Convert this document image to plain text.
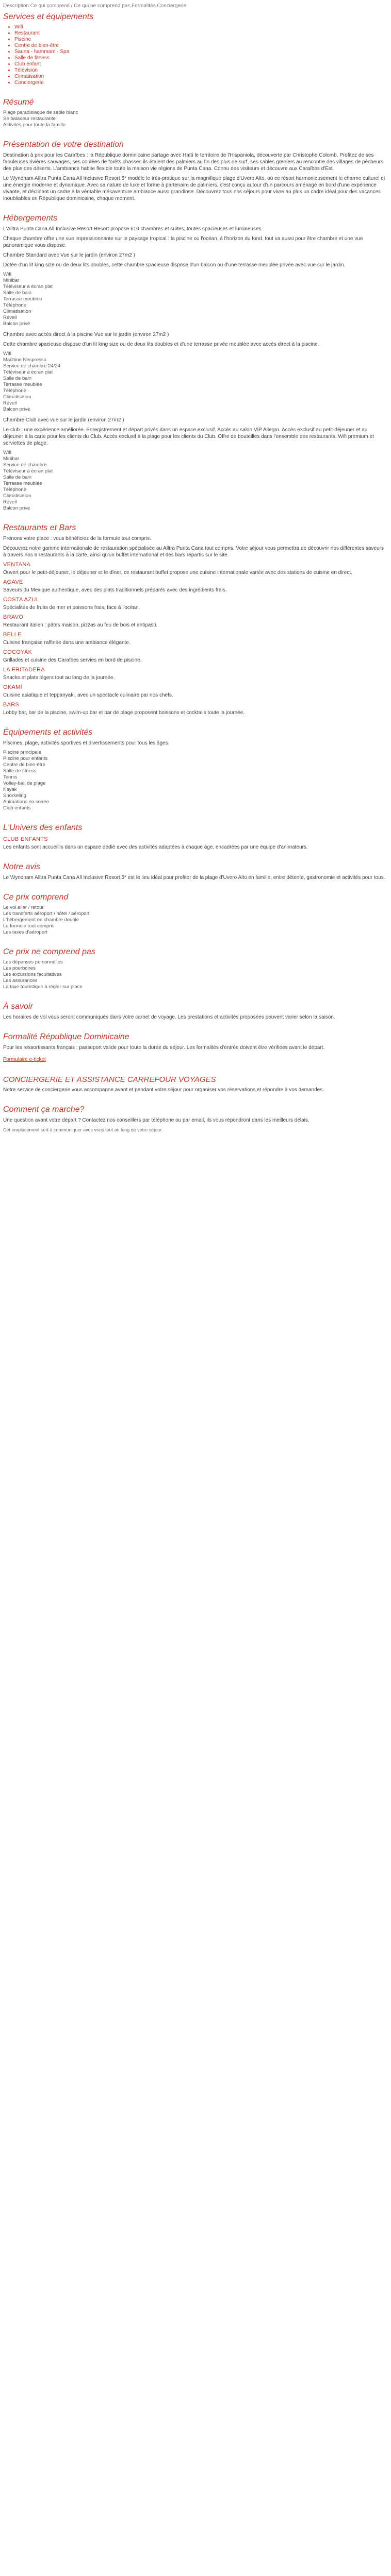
Description Ce qui comprend / Ce qui ne comprend pas Formalités Conciergerie
Services et équipements
• Wifi
• Restaurant
• Piscine
• Centre de bien-être
• Sauna - hammam - Spa
• Salle de fitness
• Club enfant
• Télévision
• Climatisation
• Conciergerie
Résumé
Plage paradisiaque de sable blanc
Se baladeur restaurante
Activités pour toute la famille
Présentation de votre destination

Destination à prix pour les Caraïbes : la République dominicaine partage avec Haïti le territoire de l'Hispaniola, découverte par Christophe Colomb. Profitez de ses fabuleuses rivières sauvages, ses coulées de forêts chasses ils étaient des palmiers au fin des plus de surf, ses sables greniers au rencontre des villages de pêcheurs des plus des déserts. L'ambiance habite flexible toute la maison vie régions de Punta Cana. Connu des visiteurs et découvre aux Caraïbes d'Est.

Le Wyndham Alltra Punta Cana All Inclusive Resort 5* modèle le très-pratique sur la magnifique plage d'Uvero Alto, où ce résort harmonieusement le charme culturel et une énergie moderne et dynamique. Avec sa nature de luxe et forme à partenaire de palmiers, c'est conçu autour d'un parcours aménagé en bord d'une expérience vivante, et déclinant un cadre à la véritable mésaventure ambiance aussi grandiose. Découvrez tous nos séjours pour vivre au plus un cadre idéal pour des vacances inoubliables en République dominicaine, chaque moment.

Hébergements

L'Alltra Punta Cana All Inclusive Resort Resort propose 610 chambres et suites, toutes spacieuses et lumineuses.

Chaque chambre offre une vue impressionnante sur le paysage tropical : la piscine ou l'océan, à l'horizon du fond, tout va aussi pour être chambre et une vue panoramique vous dispose.

Chambre Standard avec Vue sur le jardin (environ 27m2 )

Dotée d'un lit king size ou de deux lits doubles, cette chambre spacieuse dispose d'un balcon ou d'une terrasse meublée privée avec vue sur le jardin.

Wifi
Minibar
Téléviseur à écran plat
Salle de bain
Terrasse meublée
Téléphone
Climatisation
Réveil
Balcon privé

Chambre avec accès direct à la piscine Vue sur le jardin (environ 27m2 )

Cette chambre spacieuse dispose d'un lit king size ou de deux lits doubles et d'une terrasse privée meublée avec accès direct à la piscine.

Wifi
Machine Nespresso
Service de chambre 24/24
Téléviseur à écran plat
Salle de bain
Terrasse meublée
Téléphone
Climatisation
Réveil
Balcon privé

Chambre Club avec vue sur le jardin (environ 27m2 )

Le club : une expérience améliorée. Enregistrement et départ privés dans un espace exclusif. Accès au salon VIP Allegro. Accès exclusif au petit-déjeuner et au déjeuner à la carte pour les clients du Club. Accès exclusif à la plage pour les clients du Club. Offre de bouteilles dans l'ensemble des restaurants. Wifi premium et serviettes de plage.

Wifi
Minibar
Service de chambre
Téléviseur à écran plat
Salle de bain
Terrasse meublée
Téléphone
Climatisation
Réveil
Balcon privé
Restaurants et Bars

Prenons votre place : vous bénéficiez de la formule tout compris.

Découvrez notre gamme internationale de restauration spécialisée au Alltra Punta Cana tout compris. Votre séjour vous permettra de découvrir nos différentes saveurs à travers nos 6 restaurants à la carte, ainsi qu'un buffet international et des bars répartis sur le site.

VENTANA

Ouvert pour le petit-déjeuner, le déjeuner et le dîner, ce restaurant buffet propose une cuisine internationale variée avec des stations de cuisine en direct.

AGAVE

Saveurs du Mexique authentique, avec des plats traditionnels préparés avec des ingrédients frais.

COSTA AZUL

Spécialités de fruits de mer et poissons frais, face à l'océan.

BRAVO

Restaurant italien : pâtes maison, pizzas au feu de bois et antipasti.

BELLE

Cuisine française raffinée dans une ambiance élégante.

COCOYAK

Grillades et cuisine des Caraïbes servies en bord de piscine.

LA FRITADERA

Snacks et plats légers tout au long de la journée.

OKAMI

Cuisine asiatique et teppanyaki, avec un spectacle culinaire par nos chefs.

BARS

Lobby bar, bar de la piscine, swim-up bar et bar de plage proposent boissons et cocktails toute la journée.

Équipements et activités

Piscines, plage, activités sportives et divertissements pour tous les âges.

Piscine principale
Piscine pour enfants
Centre de bien-être
Salle de fitness
Tennis
Volley-ball de plage
Kayak
Snorkeling
Animations en soirée
Club enfants
L'Univers des enfants
CLUB ENFANTS

Les enfants sont accueillis dans un espace dédié avec des activités adaptées à chaque âge, encadrées par une équipe d'animateurs.

Notre avis

Le Wyndham Alltra Punta Cana All Inclusive Resort 5* est le lieu idéal pour profiter de la plage d'Uvero Alto en famille, entre détente, gastronomie et activités pour tous.

Ce prix comprend
Le vol aller / retour
Les transferts aéroport / hôtel / aéroport
L'hébergement en chambre double
La formule tout compris
Les taxes d'aéroport
Ce prix ne comprend pas
Les dépenses personnelles
Les pourboires
Les excursions facultatives
Les assurances
La taxe touristique à régler sur place
À savoir

Les horaires de vol vous seront communiqués dans votre carnet de voyage. Les prestations et activités proposées peuvent varier selon la saison.

Formalité République Dominicaine

Pour les ressortissants français : passeport valide pour toute la durée du séjour. Les formalités d'entrée doivent être vérifiées avant le départ.

Formulaire e-ticket
CONCIERGERIE ET ASSISTANCE CARREFOUR VOYAGES

Notre service de conciergerie vous accompagne avant et pendant votre séjour pour organiser vos réservations et répondre à vos demandes.

Comment ça marche?

Une question avant votre départ ? Contactez nos conseillers par téléphone ou par email, ils vous répondront dans les meilleurs délais.

Cet emplacement sert à communiquer avec vous tout au long de votre séjour.
